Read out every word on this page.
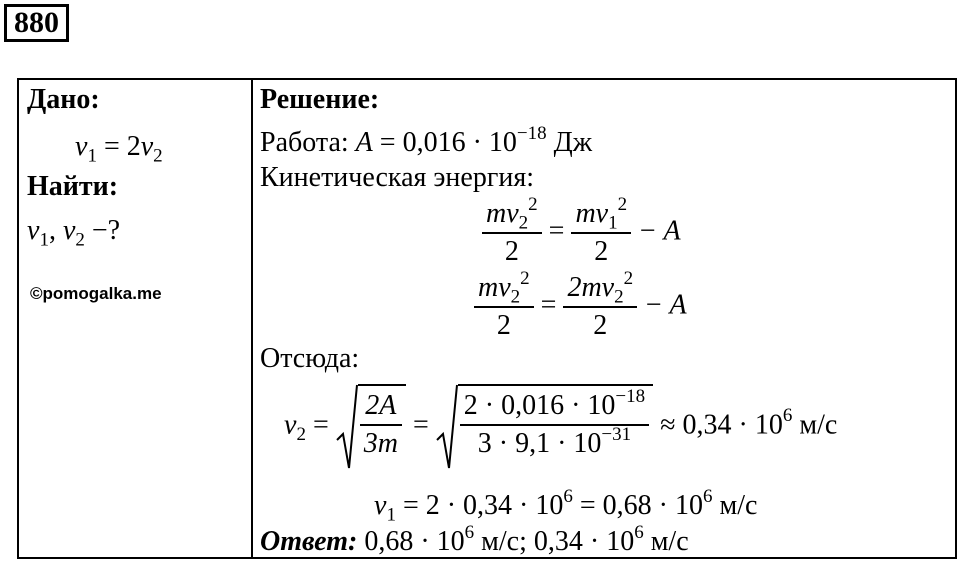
880
Дано:
$v_1 = 2v_2$
Найти:
$v_1$, $v_2$ −?
©pomogalka.me
Решение:
Работа: $A = 0,016 \cdot 10^{-18}$ Дж
Кинетическая энергия:
$\frac{mv_2^2}{2} = \frac{mv_1^2}{2} - A$
$\frac{mv_2^2}{2} = \frac{2mv_2^2}{2} - A$
Отсюда:
$v_2 = \frac{2A}{3m} = \frac{2 \cdot 0,016 \cdot 10^{-18}}{3 \cdot 9,1 \cdot 10^{-31}} \approx 0,34 \cdot 10^6$ м/с
$v_1 = 2 \cdot 0,34 \cdot 10^6 = 0,68 \cdot 10^6$ м/с
Ответ: $0,68 \cdot 10^6$ м/с; $0,34 \cdot 10^6$ м/с
